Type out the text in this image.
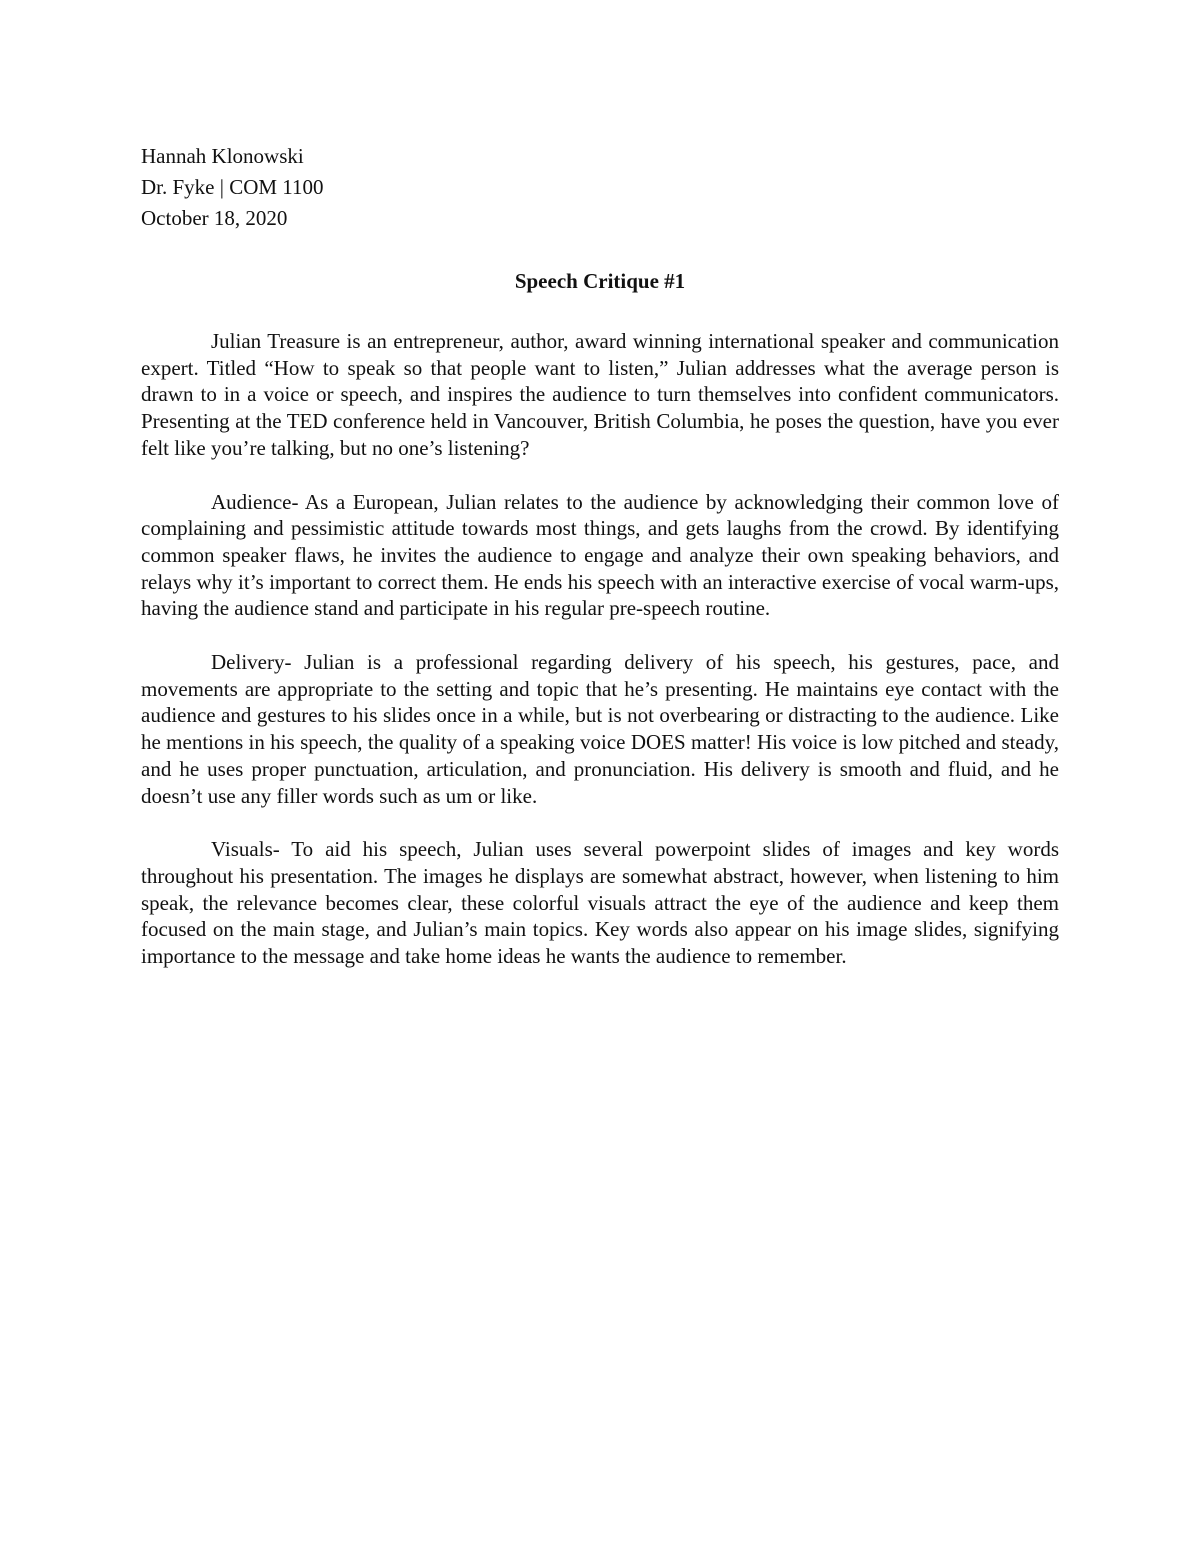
Hannah Klonowski
Dr. Fyke | COM 1100
October 18, 2020
Speech Critique #1

Julian Treasure is an entrepreneur, author, award winning international speaker and communication expert. Titled “How to speak so that people want to listen,” Julian addresses what the average person is drawn to in a voice or speech, and inspires the audience to turn themselves into confident communicators. Presenting at the TED conference held in Vancouver, British Columbia, he poses the question, have you ever felt like you’re talking, but no one’s listening?

Audience- As a European, Julian relates to the audience by acknowledging their common love of complaining and pessimistic attitude towards most things, and gets laughs from the crowd. By identifying common speaker flaws, he invites the audience to engage and analyze their own speaking behaviors, and relays why it’s important to correct them. He ends his speech with an interactive exercise of vocal warm-ups, having the audience stand and participate in his regular pre-speech routine.

Delivery- Julian is a professional regarding delivery of his speech, his gestures, pace, and movements are appropriate to the setting and topic that he’s presenting. He maintains eye contact with the audience and gestures to his slides once in a while, but is not overbearing or distracting to the audience. Like he mentions in his speech, the quality of a speaking voice DOES matter! His voice is low pitched and steady, and he uses proper punctuation, articulation, and pronunciation. His delivery is smooth and fluid, and he doesn’t use any filler words such as um or like.

Visuals- To aid his speech, Julian uses several powerpoint slides of images and key words throughout his presentation. The images he displays are somewhat abstract, however, when listening to him speak, the relevance becomes clear, these colorful visuals attract the eye of the audience and keep them focused on the main stage, and Julian’s main topics. Key words also appear on his image slides, signifying importance to the message and take home ideas he wants the audience to remember.
